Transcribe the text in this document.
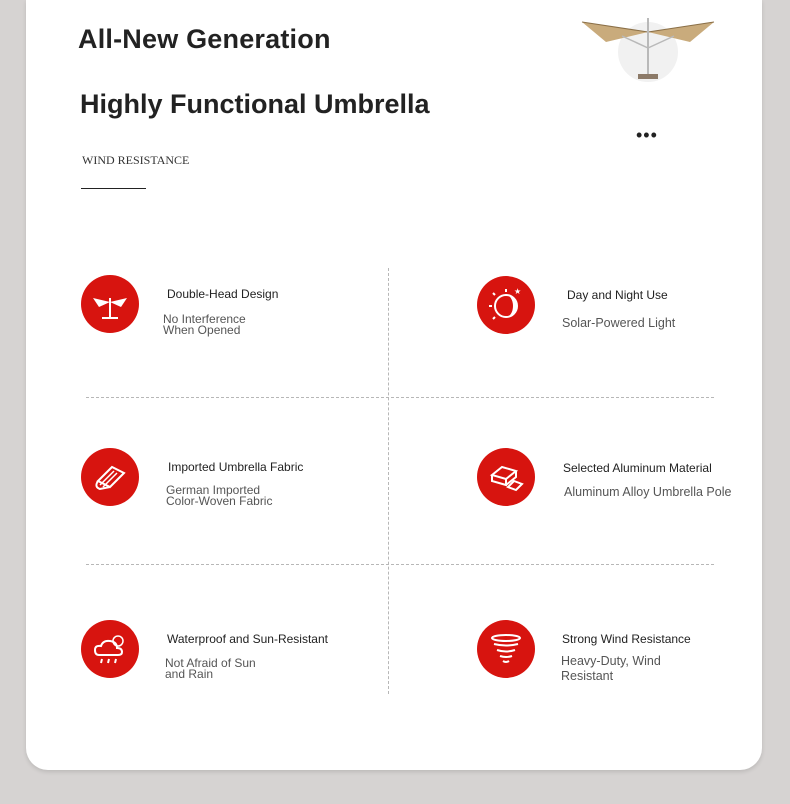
All-New Generation
Highly Functional Umbrella
WIND RESISTANCE
•••
Double-Head Design
No Interference
When Opened
★	Day and Night Use
Solar-Powered Light
Imported Umbrella Fabric
German Imported
Color-Woven Fabric
Selected Aluminum Material
Aluminum Alloy Umbrella Pole
Waterproof and Sun-Resistant
Not Afraid of Sun
and Rain
Strong Wind Resistance
Heavy-Duty, Wind
Resistant
